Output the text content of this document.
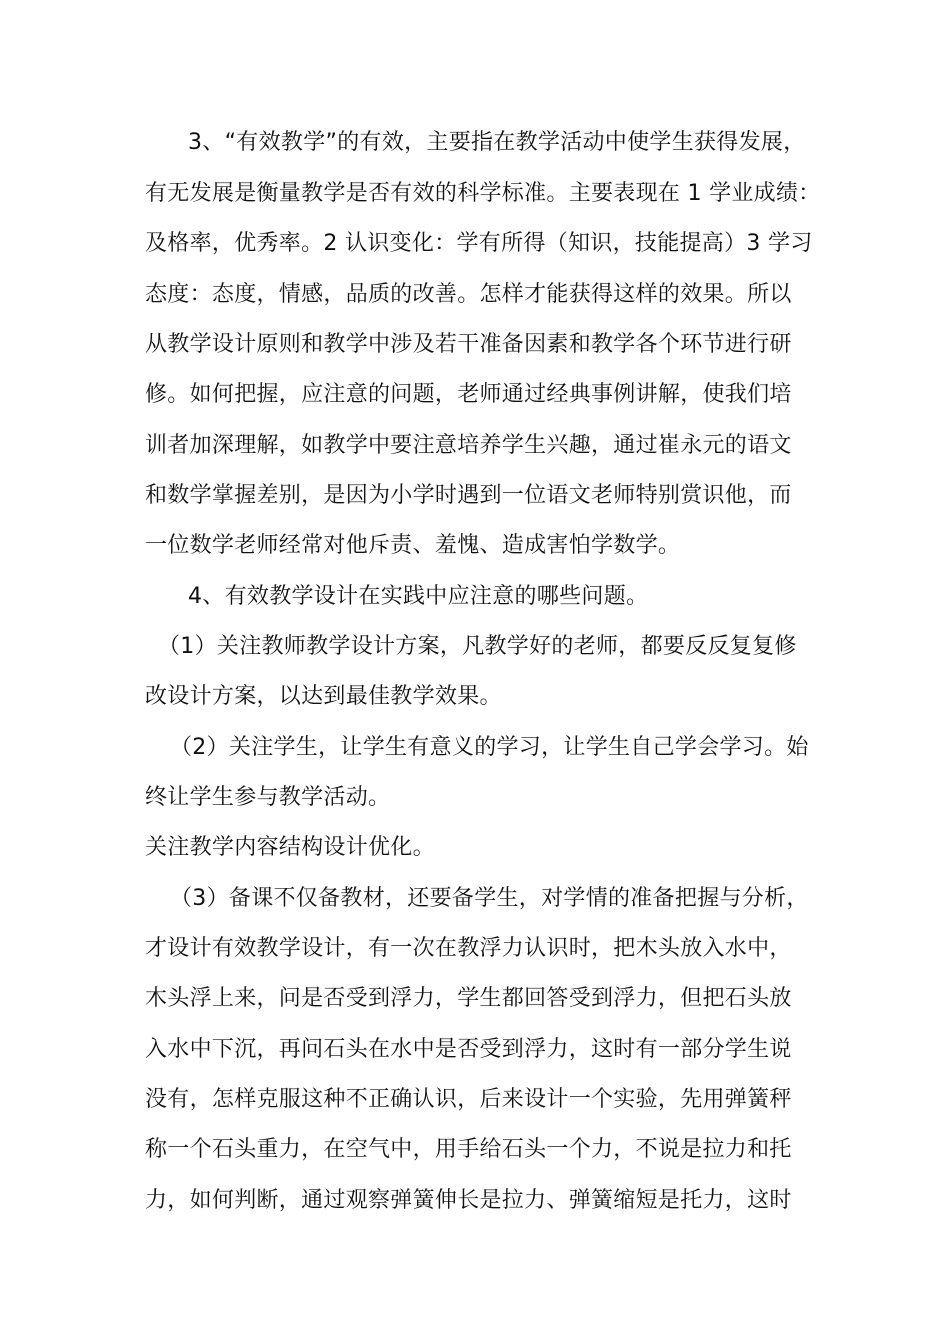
3、“有效教学”的有效，主要指在教学活动中使学生获得发展，
有无发展是衡量教学是否有效的科学标准。主要表现在 1 学业成绩：
及格率，优秀率。2 认识变化：学有所得（知识，技能提高）3 学习
态度：态度，情感，品质的改善。怎样才能获得这样的效果。所以
从教学设计原则和教学中涉及若干准备因素和教学各个环节进行研
修。如何把握，应注意的问题，老师通过经典事例讲解，使我们培
训者加深理解，如教学中要注意培养学生兴趣，通过崔永元的语文
和数学掌握差别，是因为小学时遇到一位语文老师特别赏识他，而
一位数学老师经常对他斥责、羞愧、造成害怕学数学。
4、有效教学设计在实践中应注意的哪些问题。
（1）关注教师教学设计方案，凡教学好的老师，都要反反复复修
改设计方案，以达到最佳教学效果。
（2）关注学生，让学生有意义的学习，让学生自己学会学习。始
终让学生参与教学活动。
关注教学内容结构设计优化。
（3）备课不仅备教材，还要备学生，对学情的准备把握与分析，
才设计有效教学设计，有一次在教浮力认识时，把木头放入水中，
木头浮上来，问是否受到浮力，学生都回答受到浮力，但把石头放
入水中下沉，再问石头在水中是否受到浮力，这时有一部分学生说
没有，怎样克服这种不正确认识，后来设计一个实验，先用弹簧秤
称一个石头重力，在空气中，用手给石头一个力，不说是拉力和托
力，如何判断，通过观察弹簧伸长是拉力、弹簧缩短是托力，这时
